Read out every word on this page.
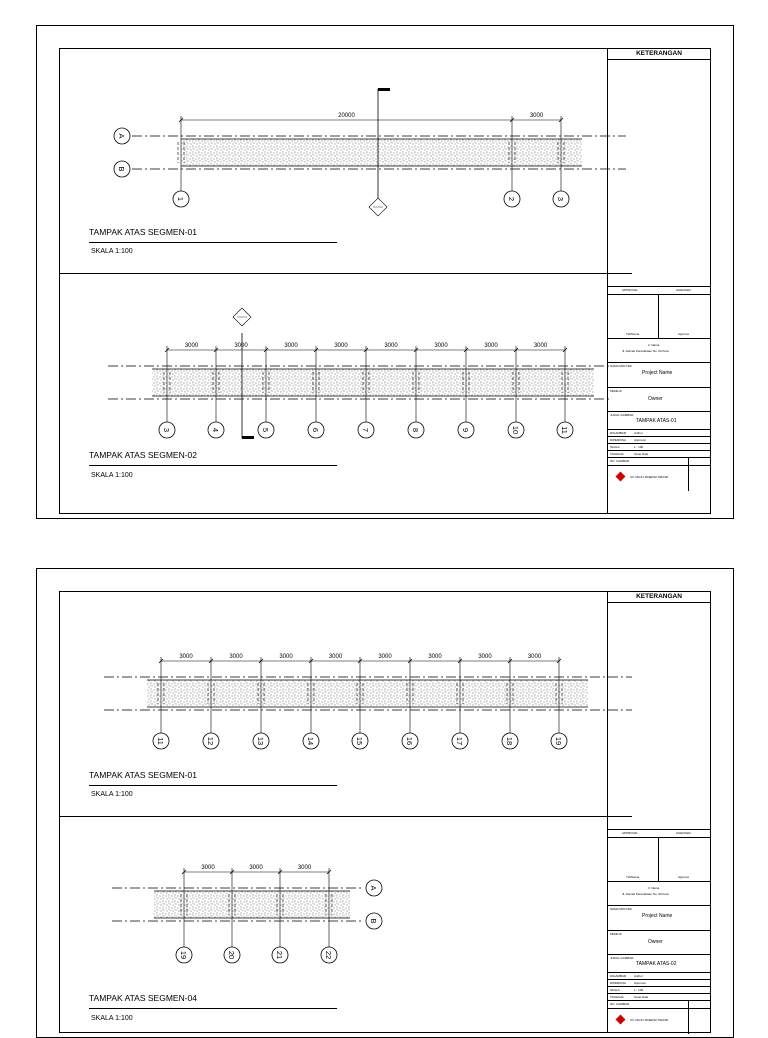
20000	3000
1	2	3
A
B
TAMPAK ATAS SEGMEN-01
SKALA 1:100
3000	3000	3000	3000	3000	3000	3000	3000
3	4	5	6	7	8	9	10	11
TAMPAK ATAS SEGMEN-02
SKALA 1:100
KETERANGAN
APPROVAL	CHECKED
Ttd/Nama	Approve
Ir. Nama
Jl. Alamat Perusahaan No. 00 Kota
NAMA PROYEK
Project Name
PEMILIK
Owner
JUDUL GAMBAR
TAMPAK ATAS-01
DIGAMBAR	Author
DIPERIKSA	Approver
SKALA	1 : 100
TANGGAL	Issue Date
NO. GAMBAR
CV. MAJU SINERGI TEKNIK
3000	3000	3000	3000	3000	3000	3000	3000
11	12	13	14	15	16	17	18	19
TAMPAK ATAS SEGMEN-01
SKALA 1:100
3000	3000	3000
19	20	21	22
A
B
TAMPAK ATAS SEGMEN-04
SKALA 1:100
KETERANGAN
APPROVAL	CHECKED
Ttd/Nama	Approve
Ir. Nama
Jl. Alamat Perusahaan No. 00 Kota
NAMA PROYEK
Project Name
PEMILIK
Owner
JUDUL GAMBAR
TAMPAK ATAS-02
DIGAMBAR	Author
DIPERIKSA	Approver
SKALA	1 : 100
TANGGAL	Issue Date
NO. GAMBAR
CV. MAJU SINERGI TEKNIK
